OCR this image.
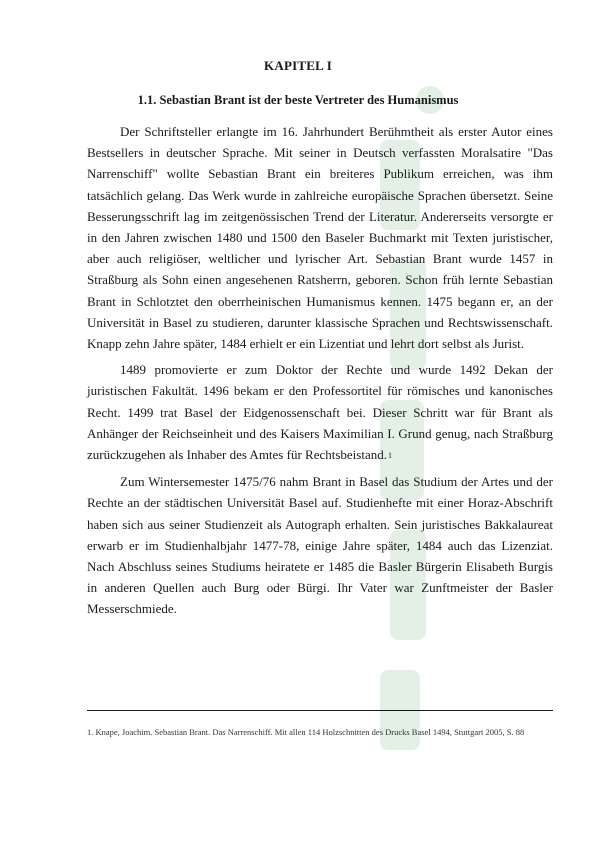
KAPITEL I
1.1. Sebastian Brant ist der beste Vertreter des Humanismus

Der Schriftsteller erlangte im 16. Jahrhundert Berühmtheit als erster Autor eines Bestsellers in deutscher Sprache. Mit seiner in Deutsch verfassten Moralsatire "Das Narrenschiff" wollte Sebastian Brant ein breiteres Publikum erreichen, was ihm tatsächlich gelang. Das Werk wurde in zahlreiche europäische Sprachen übersetzt. Seine Besserungsschrift lag im zeitgenössischen Trend der Literatur. Andererseits versorgte er in den Jahren zwischen 1480 und 1500 den Baseler Buchmarkt mit Texten juristischer, aber auch religiöser, weltlicher und lyrischer Art. Sebastian Brant wurde 1457 in Straßburg als Sohn einen angesehenen Ratsherrn, geboren. Schon früh lernte Sebastian Brant in Schlotztet den oberrheinischen Humanismus kennen. 1475 begann er, an der Universität in Basel zu studieren, darunter klassische Sprachen und Rechtswissenschaft. Knapp zehn Jahre später, 1484 erhielt er ein Lizentiat und lehrt dort selbst als Jurist.

1489 promovierte er zum Doktor der Rechte und wurde 1492 Dekan der juristischen Fakultät. 1496 bekam er den Professortitel für römisches und kanonisches Recht. 1499 trat Basel der Eidgenossenschaft bei. Dieser Schritt war für Brant als Anhänger der Reichseinheit und des Kaisers Maximilian I. Grund genug, nach Straßburg zurückzugehen als Inhaber des Amtes für Rechtsbeistand.$^1$

Zum Wintersemester 1475/76 nahm Brant in Basel das Studium der Artes und der Rechte an der städtischen Universität Basel auf. Studienhefte mit einer Horaz-Abschrift haben sich aus seiner Studienzeit als Autograph erhalten. Sein juristisches Bakkalaureat erwarb er im Studienhalbjahr 1477-78, einige Jahre später, 1484 auch das Lizenziat. Nach Abschluss seines Studiums heiratete er 1485 die Basler Bürgerin Elisabeth Burgis in anderen Quellen auch Burg oder Bürgi. Ihr Vater war Zunftmeister der Basler Messerschmiede.

1. Knape, Joachim. Sebastian Brant. Das Narrenschiff. Mit allen 114 Holzschnitten des Drucks Basel 1494, Stuttgart 2005, S. 88
